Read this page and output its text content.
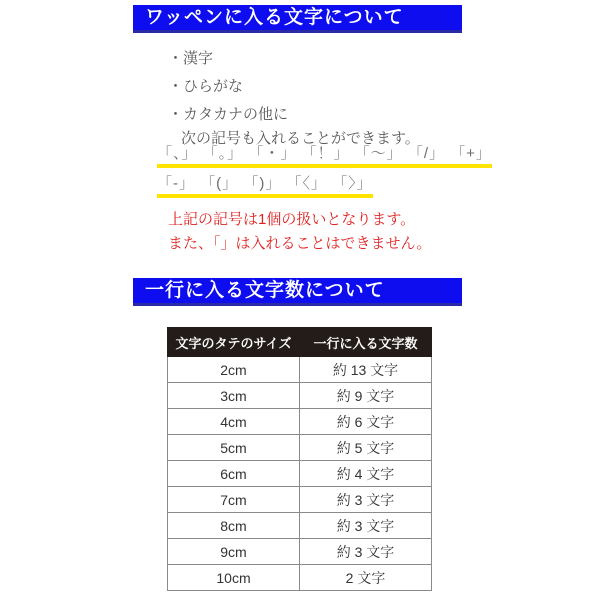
ワッペンに入る文字について
・漢字
・ひらがな
・カタカナの他に
次の記号も入れることができます。
「、」 「。」 「・」 「！」 「～」 「/」 「+」
「-」 「(」 「)」 「〈」 「〉」
上記の記号は1個の扱いとなります。
また、「」は入れることはできません。
一行に入る文字数について
文字のタテのサイズ	一行に入る文字数
2cm	約 13 文字
3cm	約 9 文字
4cm	約 6 文字
5cm	約 5 文字
6cm	約 4 文字
7cm	約 3 文字
8cm	約 3 文字
9cm	約 3 文字
10cm	2 文字
